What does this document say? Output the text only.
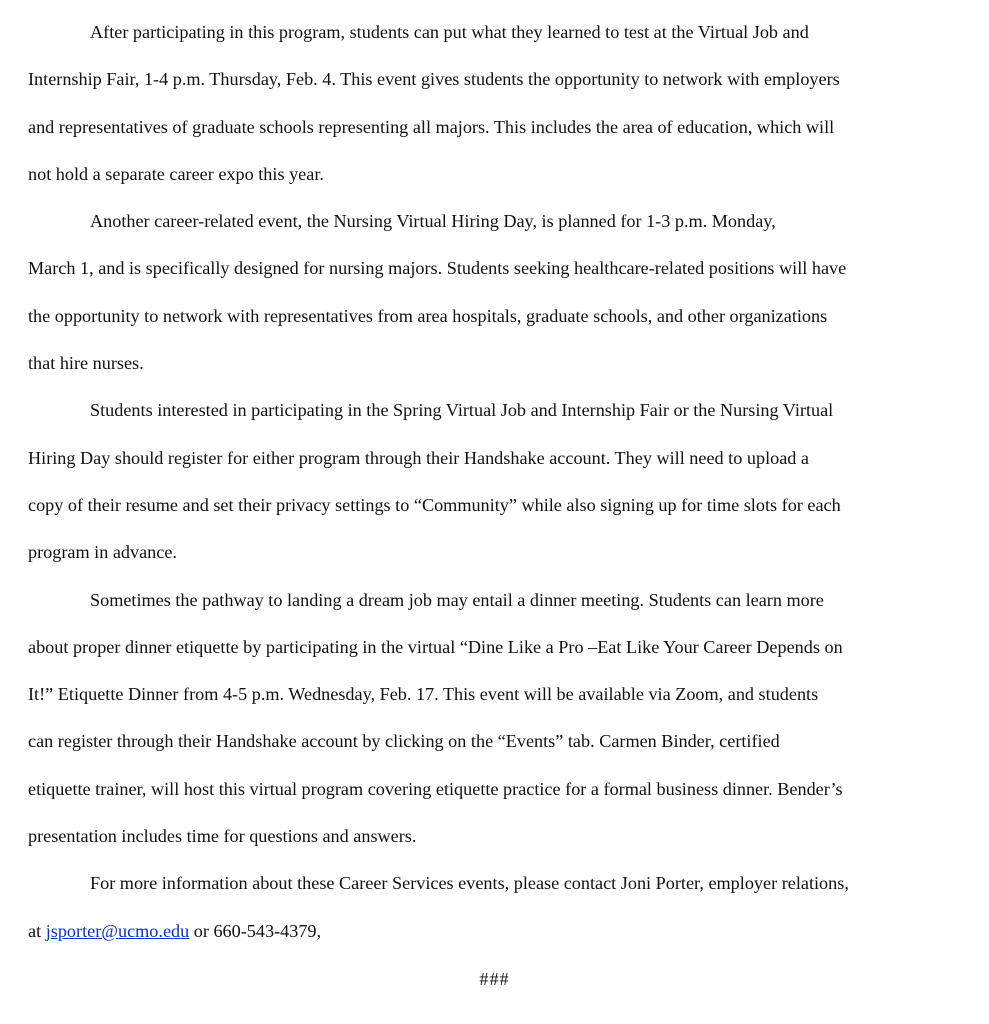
After participating in this program, students can put what they learned to test at the Virtual Job and
Internship Fair, 1-4 p.m. Thursday, Feb. 4. This event gives students the opportunity to network with employers
and representatives of graduate schools representing all majors. This includes the area of education, which will
not hold a separate career expo this year.
Another career-related event, the Nursing Virtual Hiring Day, is planned for 1-3 p.m. Monday,
March 1, and is specifically designed for nursing majors. Students seeking healthcare-related positions will have
the opportunity to network with representatives from area hospitals, graduate schools, and other organizations
that hire nurses.
Students interested in participating in the Spring Virtual Job and Internship Fair or the Nursing Virtual
Hiring Day should register for either program through their Handshake account. They will need to upload a
copy of their resume and set their privacy settings to “Community” while also signing up for time slots for each
program in advance.
Sometimes the pathway to landing a dream job may entail a dinner meeting. Students can learn more
about proper dinner etiquette by participating in the virtual “Dine Like a Pro –Eat Like Your Career Depends on
It!” Etiquette Dinner from 4-5 p.m. Wednesday, Feb. 17. This event will be available via Zoom, and students
can register through their Handshake account by clicking on the “Events” tab. Carmen Binder, certified
etiquette trainer, will host this virtual program covering etiquette practice for a formal business dinner. Bender’s
presentation includes time for questions and answers.
For more information about these Career Services events, please contact Joni Porter, employer relations,
at jsporter@ucmo.edu or 660-543-4379,
###
